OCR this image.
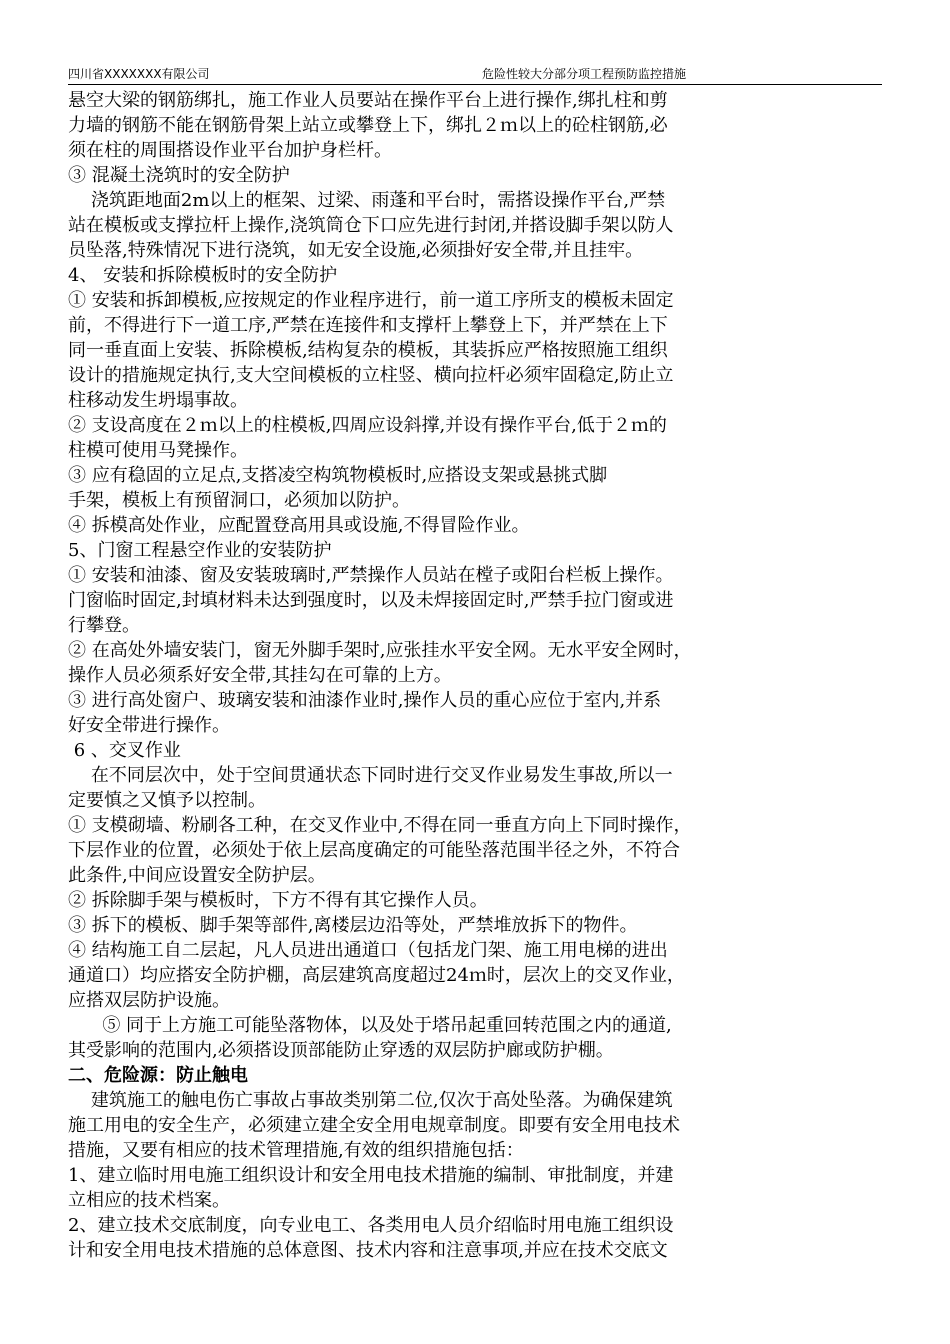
四川省XXXXXXX有限公司	危险性较大分部分项工程预防监控措施

悬空大梁的钢筋绑扎，施工作业人员要站在操作平台上进行操作,绑扎柱和剪

力墙的钢筋不能在钢筋骨架上站立或攀登上下，绑扎２ｍ以上的砼柱钢筋,必

须在柱的周围搭设作业平台加护身栏杆。

③ 混凝土浇筑时的安全防护

浇筑距地面2m以上的框架、过梁、雨蓬和平台时，需搭设操作平台,严禁

站在模板或支撑拉杆上操作,浇筑筒仓下口应先进行封闭,并搭设脚手架以防人

员坠落,特殊情况下进行浇筑，如无安全设施,必须掛好安全带,并且挂牢。

4、 安装和拆除模板时的安全防护

① 安装和拆卸模板,应按规定的作业程序进行，前一道工序所支的模板未固定

前，不得进行下一道工序,严禁在连接件和支撑杆上攀登上下，并严禁在上下

同一垂直面上安装、拆除模板,结构复杂的模板，其装拆应严格按照施工组织

设计的措施规定执行,支大空间模板的立柱竖、横向拉杆必须牢固稳定,防止立

柱移动发生坍塌事故。

② 支设高度在２ｍ以上的柱模板,四周应设斜撑,并设有操作平台,低于２ｍ的

柱模可使用马凳操作。

③ 应有稳固的立足点,支搭凌空构筑物模板时,应搭设支架或悬挑式脚

手架，模板上有预留洞口，必须加以防护。

④ 拆模高处作业，应配置登高用具或设施,不得冒险作业。

5、门窗工程悬空作业的安装防护

① 安装和油漆、窗及安装玻璃时,严禁操作人员站在樘子或阳台栏板上操作。

门窗临时固定,封填材料未达到强度时，以及未焊接固定时,严禁手拉门窗或进

行攀登。

② 在高处外墙安装门，窗无外脚手架时,应张挂水平安全网。无水平安全网时，

操作人员必须系好安全带,其挂勾在可靠的上方。

③ 进行高处窗户、玻璃安装和油漆作业时,操作人员的重心应位于室内,并系

好安全带进行操作。

6 、交叉作业

在不同层次中，处于空间贯通状态下同时进行交叉作业易发生事故,所以一

定要慎之又慎予以控制。

① 支模砌墙、粉刷各工种，在交叉作业中,不得在同一垂直方向上下同时操作，

下层作业的位置，必须处于依上层高度确定的可能坠落范围半径之外，不符合

此条件,中间应设置安全防护层。

② 拆除脚手架与模板时，下方不得有其它操作人员。

③ 拆下的模板、脚手架等部件,离楼层边沿等处，严禁堆放拆下的物件。

④ 结构施工自二层起，凡人员进出通道口（包括龙门架、施工用电梯的进出

通道口）均应搭安全防护棚，高层建筑高度超过24ｍ时，层次上的交叉作业，

应搭双层防护设施。

⑤ 同于上方施工可能坠落物体，以及处于塔吊起重回转范围之内的通道,

其受影响的范围内,必须搭设顶部能防止穿透的双层防护廊或防护棚。

二、危险源：防止触电

建筑施工的触电伤亡事故占事故类别第二位,仅次于高处坠落。为确保建筑

施工用电的安全生产，必须建立建全安全用电规章制度。即要有安全用电技术

措施，又要有相应的技术管理措施,有效的组织措施包括：

1、建立临时用电施工组织设计和安全用电技术措施的编制、审批制度，并建

立相应的技术档案。

2、建立技术交底制度，向专业电工、各类用电人员介绍临时用电施工组织设

计和安全用电技术措施的总体意图、技术内容和注意事项,并应在技术交底文
